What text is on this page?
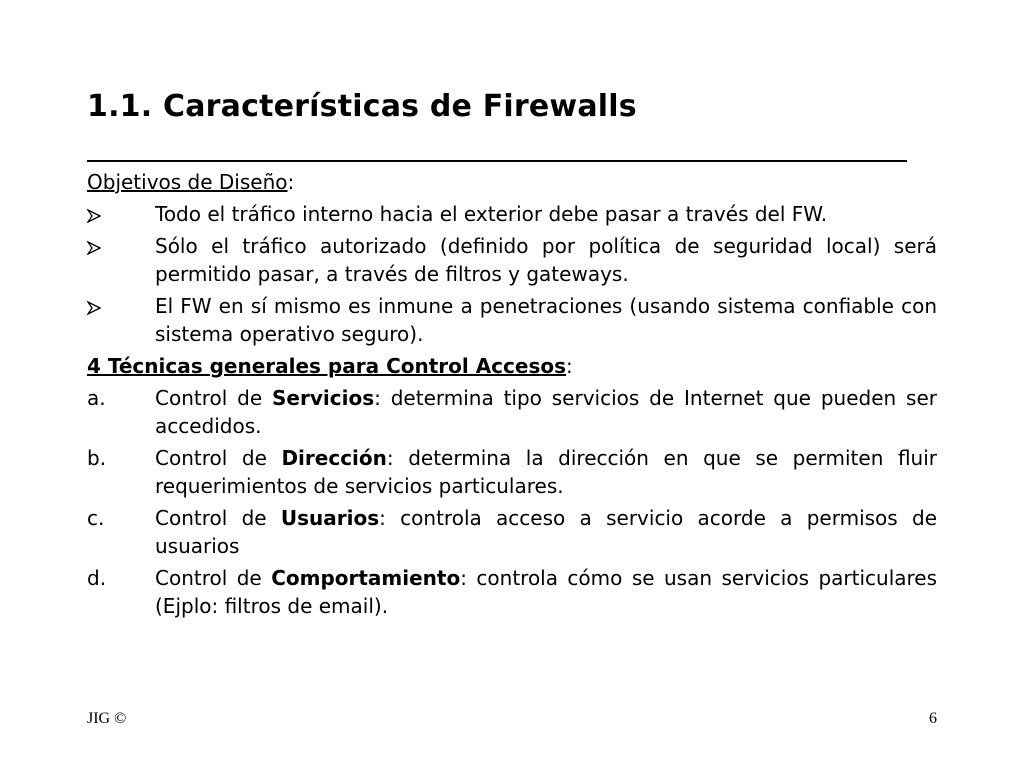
1.1. Características de Firewalls

Objetivos de Diseño:

Todo el tráfico interno hacia el exterior debe pasar a través del FW.
Sólo el tráfico autorizado (definido por política de seguridad local) será permitido pasar, a través de filtros y gateways.
El FW en sí mismo es inmune a penetraciones (usando sistema confiable con sistema operativo seguro).

4 Técnicas generales para Control Accesos:

a.	Control de Servicios: determina tipo servicios de Internet que pueden ser accedidos.
b.	Control de Dirección: determina la dirección en que se permiten fluir requerimientos de servicios particulares.
c.	Control de Usuarios: controla acceso a servicio acorde a permisos de usuarios
d.	Control de Comportamiento: controla cómo se usan servicios particulares (Ejplo: filtros de email).
JIG ©	6
